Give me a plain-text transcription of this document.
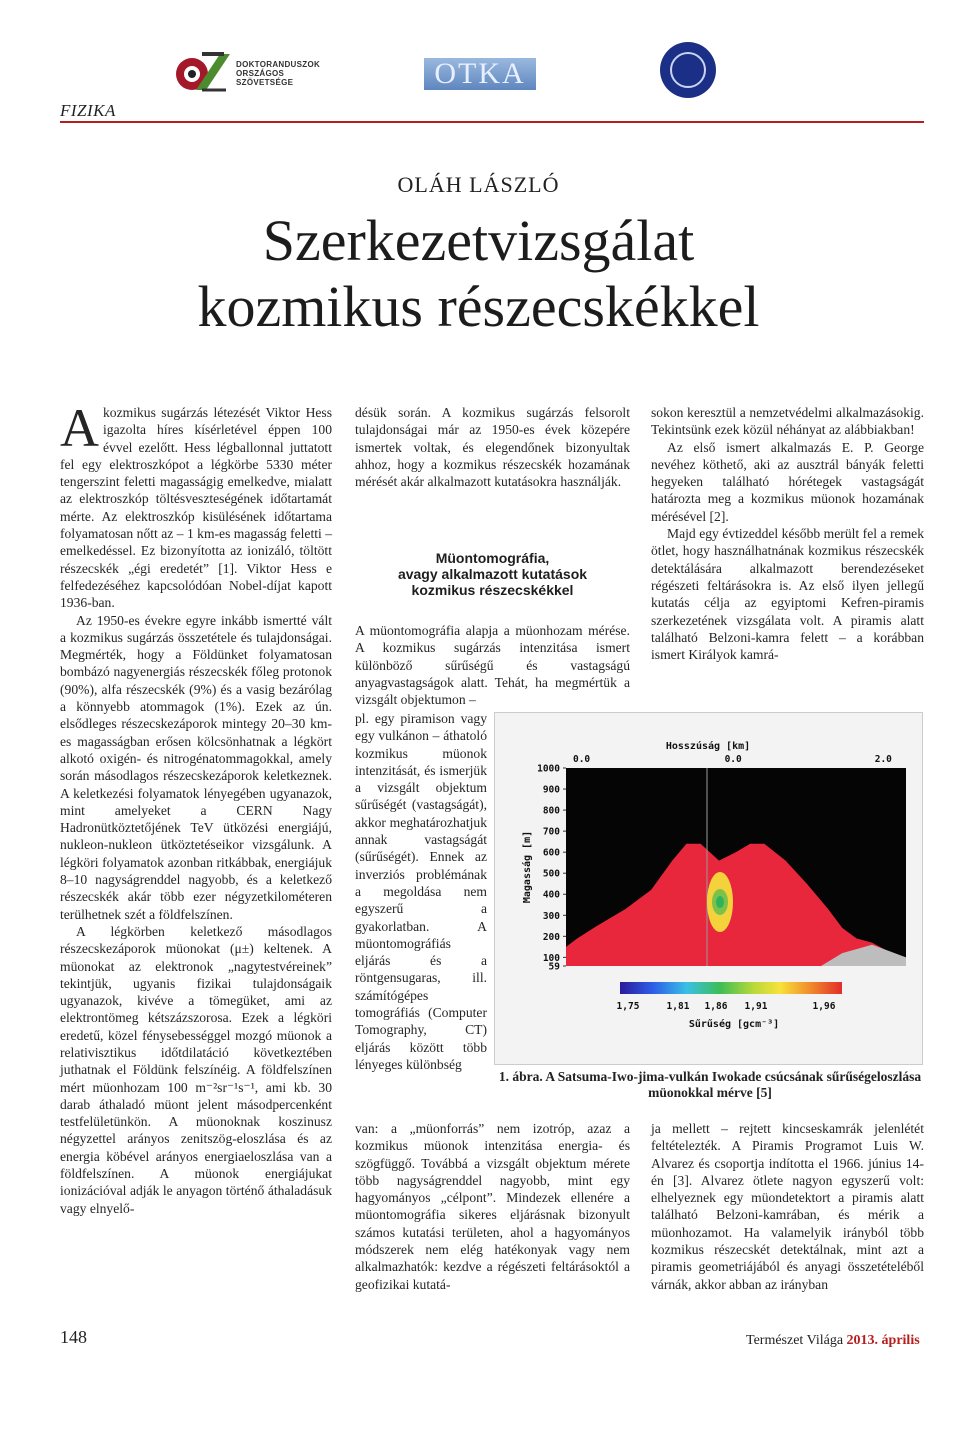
DOKTORANDUSZOK
ORSZÁGOS
SZÖVETSÉGE	OTKA
FIZIKA
OLÁH LÁSZLÓ
Szerkezetvizsgálat
kozmikus részecskékkel

Akozmikus sugárzás létezését Viktor Hess igazolta híres kísérletével éppen 100 évvel ezelőtt. Hess légballonnal juttatott fel egy elektroszkópot a légkörbe 5330 méter tengerszint feletti magasságig emelkedve, mialatt az elektroszkóp töltésveszteségének időtartamát mérte. Az elektroszkóp kisülésének időtartama folyamatosan nőtt az – 1 km-es magasság feletti – emelkedéssel. Ez bizonyította az ionizáló, töltött részecskék „égi eredetét” [1]. Viktor Hess e felfedezéséhez kapcsolódóan Nobel-díjat kapott 1936-ban.

Az 1950-es évekre egyre inkább ismertté vált a kozmikus sugárzás összetétele és tulajdonságai. Megmérték, hogy a Földünket folyamatosan bombázó nagyenergiás részecskék főleg protonok (90%), alfa részecskék (9%) és a vasig bezárólag a könnyebb atommagok (1%). Ezek az ún. elsődleges részecskezáporok mintegy 20–30 km-es magasságban erősen kölcsönhatnak a légkört alkotó oxigén- és nitrogénatommagokkal, amely során másodlagos részecskezáporok keletkeznek. A keletkezési folyamatok lényegében ugyanazok, mint amelyeket a CERN Nagy Hadronütköztetőjének TeV ütközési energiájú, nukleon-nukleon ütköztetéseikor vizsgálunk. A légköri folyamatok azonban ritkábbak, energiájuk 8–10 nagyságrenddel nagyobb, és a keletkező részecskék akár több ezer négyzetkilométeren terülhetnek szét a földfelszínen.

A légkörben keletkező másodlagos részecskezáporok müonokat (μ±) keltenek. A müonokat az elektronok „nagytestvéreinek” tekintjük, ugyanis fizikai tulajdonságaik ugyanazok, kivéve a tömegüket, ami az elektrontömeg kétszázszorosa. Ezek a légköri eredetű, közel fénysebességgel mozgó müonok a relativisztikus időtdilatáció következtében juthatnak el Földünk felszínéig. A földfelszínen mért müonhozam 100 m⁻²sr⁻¹s⁻¹, ami kb. 30 darab áthaladó müont jelent másodpercenként testfelületünkön. A müonoknak koszinusz négyzettel arányos zenitszög-eloszlása és az energia köbével arányos energiaeloszlása van a földfelszínen. A müonok energiájukat ionizációval adják le anyagon történő áthaladásuk vagy elnyelő-

désük során. A kozmikus sugárzás felsorolt tulajdonságai már az 1950-es évek közepére ismertek voltak, és elegendőnek bizonyultak ahhoz, hogy a kozmikus részecskék hozamának mérését akár alkalmazott kutatásokra használják.

Müontomográfia,
avagy alkalmazott kutatások
kozmikus részecskékkel

A müontomográfia alapja a müonhozam mérése. A kozmikus sugárzás intenzitása ismert különböző sűrűségű és vastagságú anyagvastagságok alatt. Tehát, ha megmértük a vizsgált objektumon –

pl. egy piramison vagy egy vulkánon – áthatoló kozmikus müonok intenzitását, és ismerjük a vizsgált objektum sűrűségét (vastagságát), akkor meghatározhatjuk annak vastagságát (sűrűségét). Ennek az inverziós problémának a megoldása nem egyszerű a gyakorlatban. A müontomográfiás eljárás és a röntgensugaras, ill. számítógépes tomográfiás (Computer Tomography, CT) eljárás között több lényeges különbség

van: a „müonforrás” nem izotróp, azaz a kozmikus müonok intenzitása energia- és szögfüggő. Továbbá a vizsgált objektum mérete több nagyságrenddel nagyobb, mint egy hagyományos „célpont”. Mindezek ellenére a müontomográfia sikeres eljárásnak bizonyult számos kutatási területen, ahol a hagyományos módszerek nem elég hatékonyak vagy nem alkalmazhatók: kezdve a régészeti feltárásoktól a geofizikai kutatá-

sokon keresztül a nemzetvédelmi alkalmazásokig. Tekintsünk ezek közül néhányat az alábbiakban!

Az első ismert alkalmazás E. P. George nevéhez köthető, aki az ausztrál bányák feletti hegyeken található hórétegek vastagságát határozta meg a kozmikus müonok hozamának mérésével [2].

Majd egy évtizeddel később merült fel a remek ötlet, hogy használhatnának kozmikus részecskék detektálására alkalmazott berendezéseket régészeti feltárásokra is. Az első ilyen jellegű kutatás célja az egyiptomi Kefren-piramis szerkezetének vizsgálata volt. A piramis alatt található Belzoni-kamra felett – a korábban ismert Királyok kamrá-

ja mellett – rejtett kincseskamrák jelenlétét feltételezték. A Piramis Programot Luis W. Alvarez és csoportja indította el 1966. június 14-én [3]. Alvarez ötlete nagyon egyszerű volt: elhelyeznek egy müondetektort a piramis alatt található Belzoni-kamrában, és mérik a müonhozamot. Ha valamelyik irányból több kozmikus részecskét detektálnak, mint azt a piramis geometriájából és anyagi összetételéből várnák, akkor abban az irányban

Hosszúság [km]
0.0	0.0	2.0
1000
900
800
700
600
500
400
300
200
100
59
Magasság [m]
1,75	1,81 1,86 1,91	1,96
Sűrűség [gcm⁻³]
1. ábra. A Satsuma-Iwo-jima-vulkán Iwokade csúcsának sűrűségeloszlása müonokkal mérve [5]
148	Természet Világa 2013. április
